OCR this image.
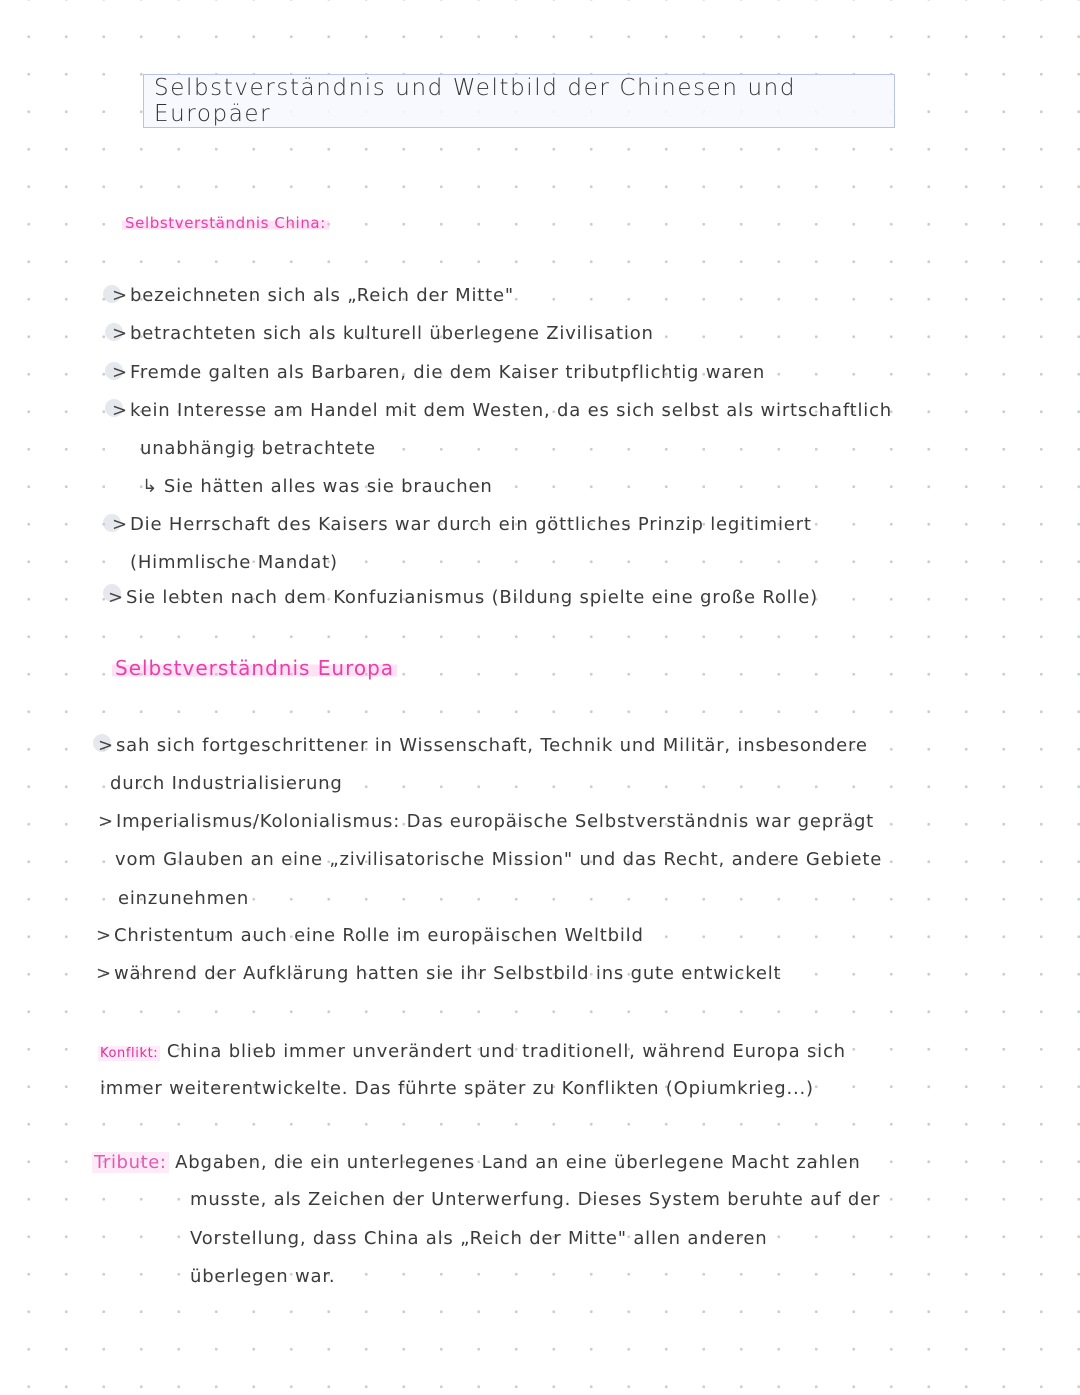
Selbstverständnis und Weltbild der Chinesen und Europäer
Selbstverständnis China:
> bezeichneten sich als „Reich der Mitte"
> betrachteten sich als kulturell überlegene Zivilisation
> Fremde galten als Barbaren, die dem Kaiser tributpflichtig waren
> kein Interesse am Handel mit dem Westen, da es sich selbst als wirtschaftlich
unabhängig betrachtete
↳ Sie hätten alles was sie brauchen
> Die Herrschaft des Kaisers war durch ein göttliches Prinzip legitimiert
(Himmlische Mandat)
> Sie lebten nach dem Konfuzianismus (Bildung spielte eine große Rolle)
Selbstverständnis Europa
> sah sich fortgeschrittener in Wissenschaft, Technik und Militär, insbesondere
durch Industrialisierung
> Imperialismus/Kolonialismus: Das europäische Selbstverständnis war geprägt
vom Glauben an eine „zivilisatorische Mission" und das Recht, andere Gebiete
einzunehmen
> Christentum auch eine Rolle im europäischen Weltbild
> während der Aufklärung hatten sie ihr Selbstbild ins gute entwickelt
Konflikt: China blieb immer unverändert und traditionell, während Europa sich
immer weiterentwickelte. Das führte später zu Konflikten (Opiumkrieg...)
Tribute: Abgaben, die ein unterlegenes Land an eine überlegene Macht zahlen
musste, als Zeichen der Unterwerfung. Dieses System beruhte auf der
Vorstellung, dass China als „Reich der Mitte" allen anderen
überlegen war.
